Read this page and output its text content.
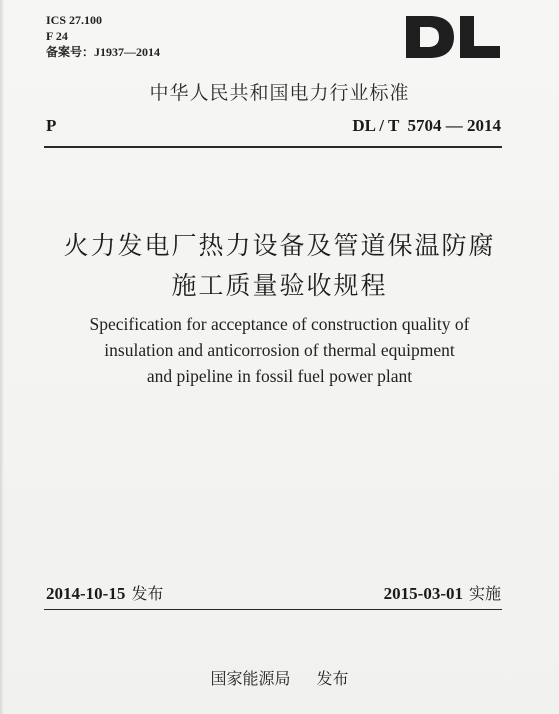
ICS 27.100
F 24
备案号：J1937—2014
中华人民共和国电力行业标准
P	DL / T  5704 — 2014
火力发电厂热力设备及管道保温防腐
施工质量验收规程
Specification for acceptance of construction quality of
insulation and anticorrosion of thermal equipment
and pipeline in fossil fuel power plant
2014-10-15 发布	2015-03-01 实施
国家能源局 发布
